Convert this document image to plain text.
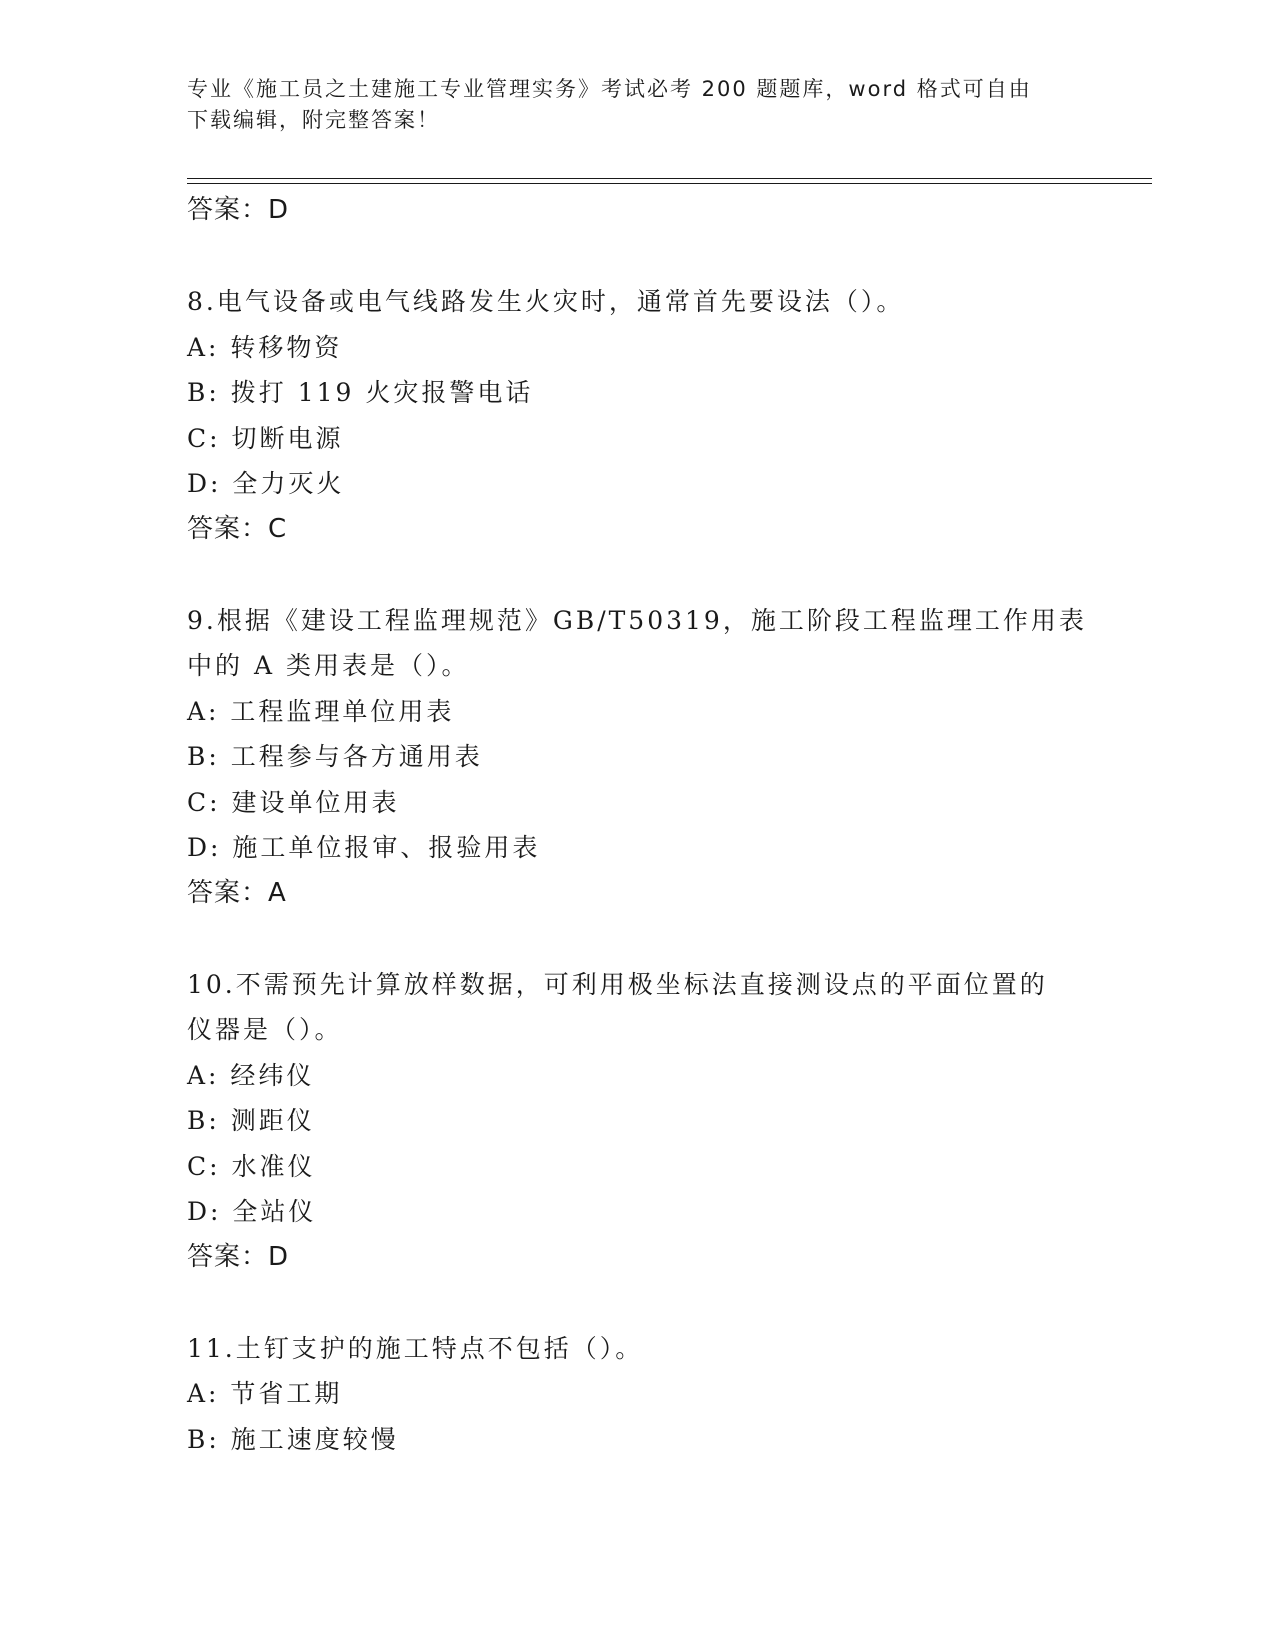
专业《施工员之土建施工专业管理实务》考试必考 200 题题库，word 格式可自由
下载编辑，附完整答案！
答案：D
8.电气设备或电气线路发生火灾时，通常首先要设法（）。
A: 转移物资
B: 拨打 119 火灾报警电话
C: 切断电源
D: 全力灭火
答案：C
9.根据《建设工程监理规范》GB/T50319，施工阶段工程监理工作用表
中的 A 类用表是（）。
A: 工程监理单位用表
B: 工程参与各方通用表
C: 建设单位用表
D: 施工单位报审、报验用表
答案：A
10.不需预先计算放样数据，可利用极坐标法直接测设点的平面位置的
仪器是（）。
A: 经纬仪
B: 测距仪
C: 水准仪
D: 全站仪
答案：D
11.土钉支护的施工特点不包括（）。
A: 节省工期
B: 施工速度较慢
